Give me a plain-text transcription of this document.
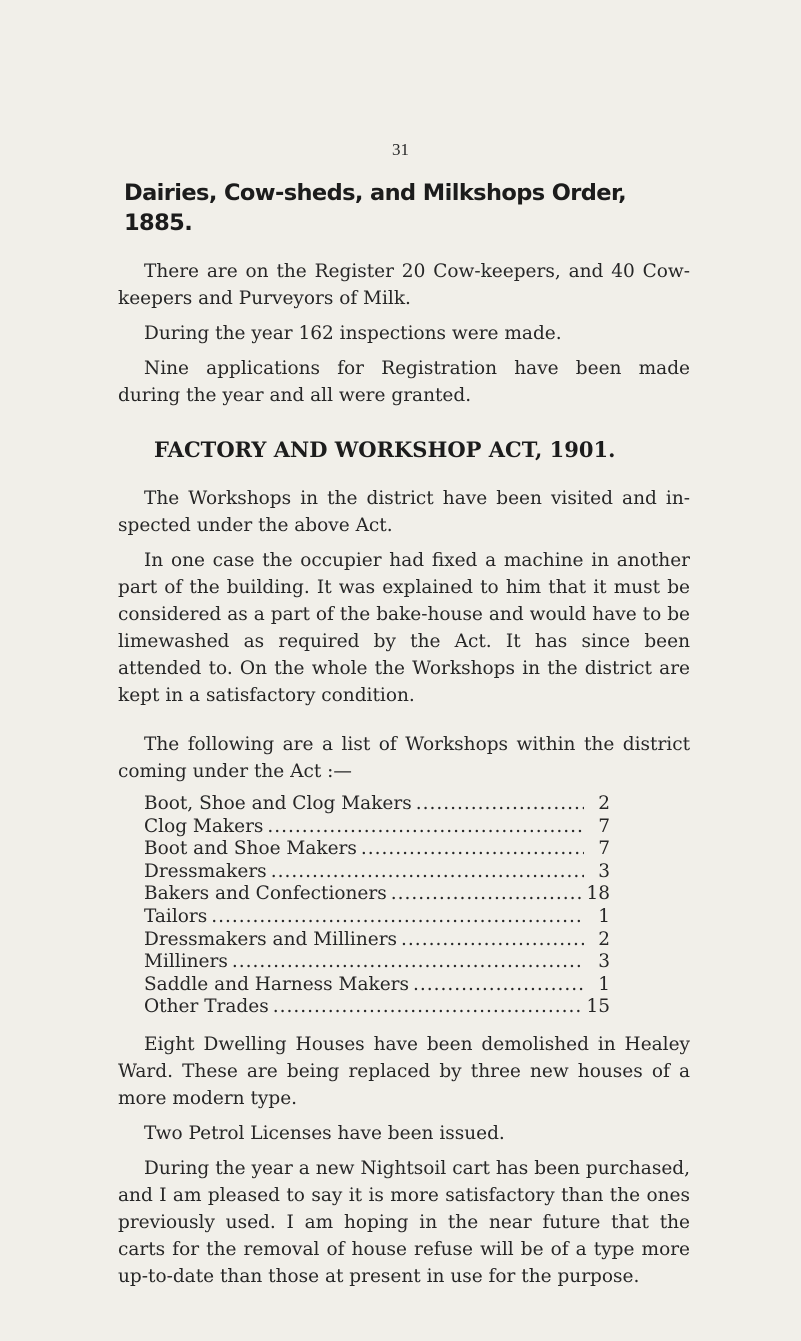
31
Dairies, Cow-sheds, and Milkshops Order, 1885.

There are on the Register 20 Cow-keepers, and 40 Cow-keepers and Purveyors of Milk.

During the year 162 inspections were made.

Nine applications for Registration have been made during the year and all were granted.

FACTORY AND WORKSHOP ACT, 1901.

The Workshops in the district have been visited and in- spected under the above Act.

In one case the occupier had fixed a machine in another part of the building. It was explained to him that it must be considered as a part of the bake-house and would have to be limewashed as required by the Act. It has since been attended to. On the whole the Workshops in the district are kept in a satisfactory condition.

The following are a list of Workshops within the district coming under the Act :—

Boot, Shoe and Clog Makers .....	2
Clog Makers .....	7
Boot and Shoe Makers .....	7
Dressmakers .....	3
Bakers and Confectioners .....	18
Tailors .....	1
Dressmakers and Milliners .....	2
Milliners .....	3
Saddle and Harness Makers .....	1
Other Trades .....	15

Eight Dwelling Houses have been demolished in Healey Ward. These are being replaced by three new houses of a more modern type.

Two Petrol Licenses have been issued.

During the year a new Nightsoil cart has been purchased, and I am pleased to say it is more satisfactory than the ones previously used. I am hoping in the near future that the carts for the removal of house refuse will be of a type more up-to-date than those at present in use for the purpose.
